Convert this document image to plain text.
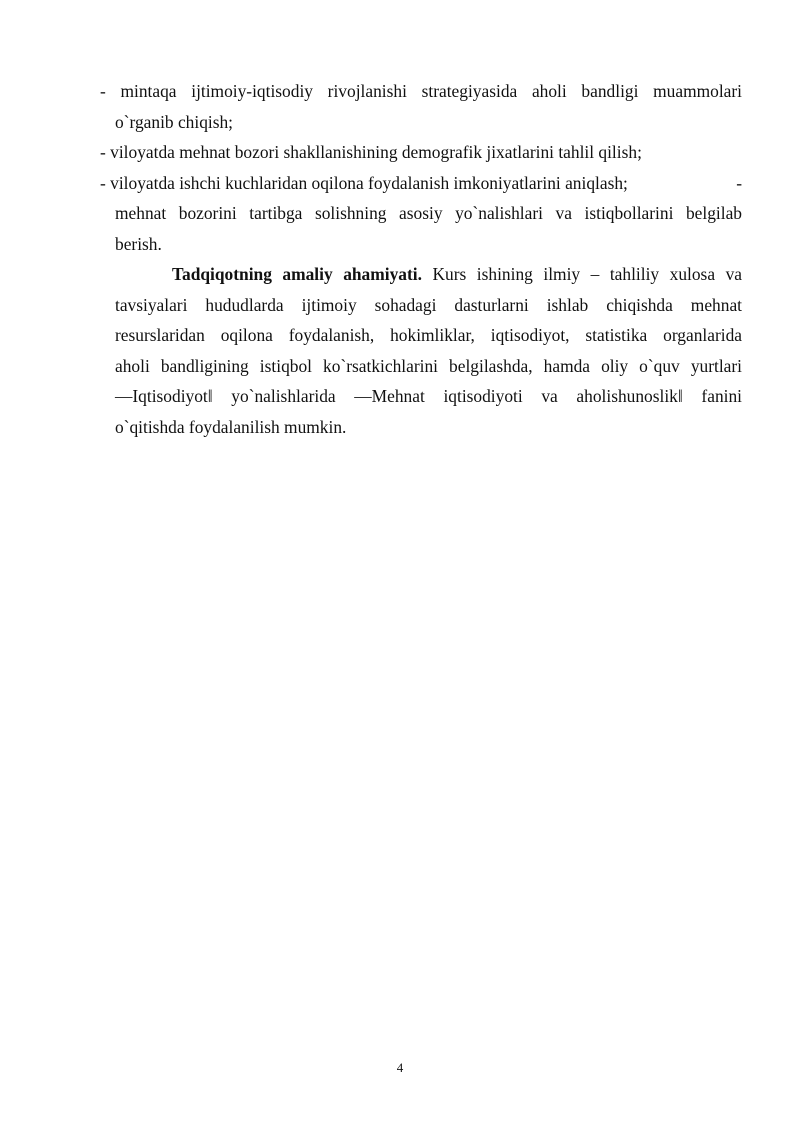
- mintaqa ijtimoiy-iqtisodiy rivojlanishi strategiyasida aholi bandligi muammolari
o`rganib chiqish;
- viloyatda mehnat bozori shakllanishining demografik jixatlarini tahlil qilish;
- viloyatda ishchi kuchlaridan oqilona foydalanish imkoniyatlarini aniqlash;	-
mehnat bozorini tartibga solishning asosiy yo`nalishlari va istiqbollarini belgilab
berish.
Tadqiqotning amaliy ahamiyati. Kurs ishining ilmiy – tahliliy xulosa va
tavsiyalari hududlarda ijtimoiy sohadagi dasturlarni ishlab chiqishda mehnat
resurslaridan oqilona foydalanish, hokimliklar, iqtisodiyot, statistika organlarida
aholi bandligining istiqbol ko`rsatkichlarini belgilashda, hamda oliy o`quv yurtlari
―Iqtisodiyot‖ yo`nalishlarida ―Mehnat iqtisodiyoti va aholishunoslik‖ fanini
o`qitishda foydalanilish mumkin.
4
